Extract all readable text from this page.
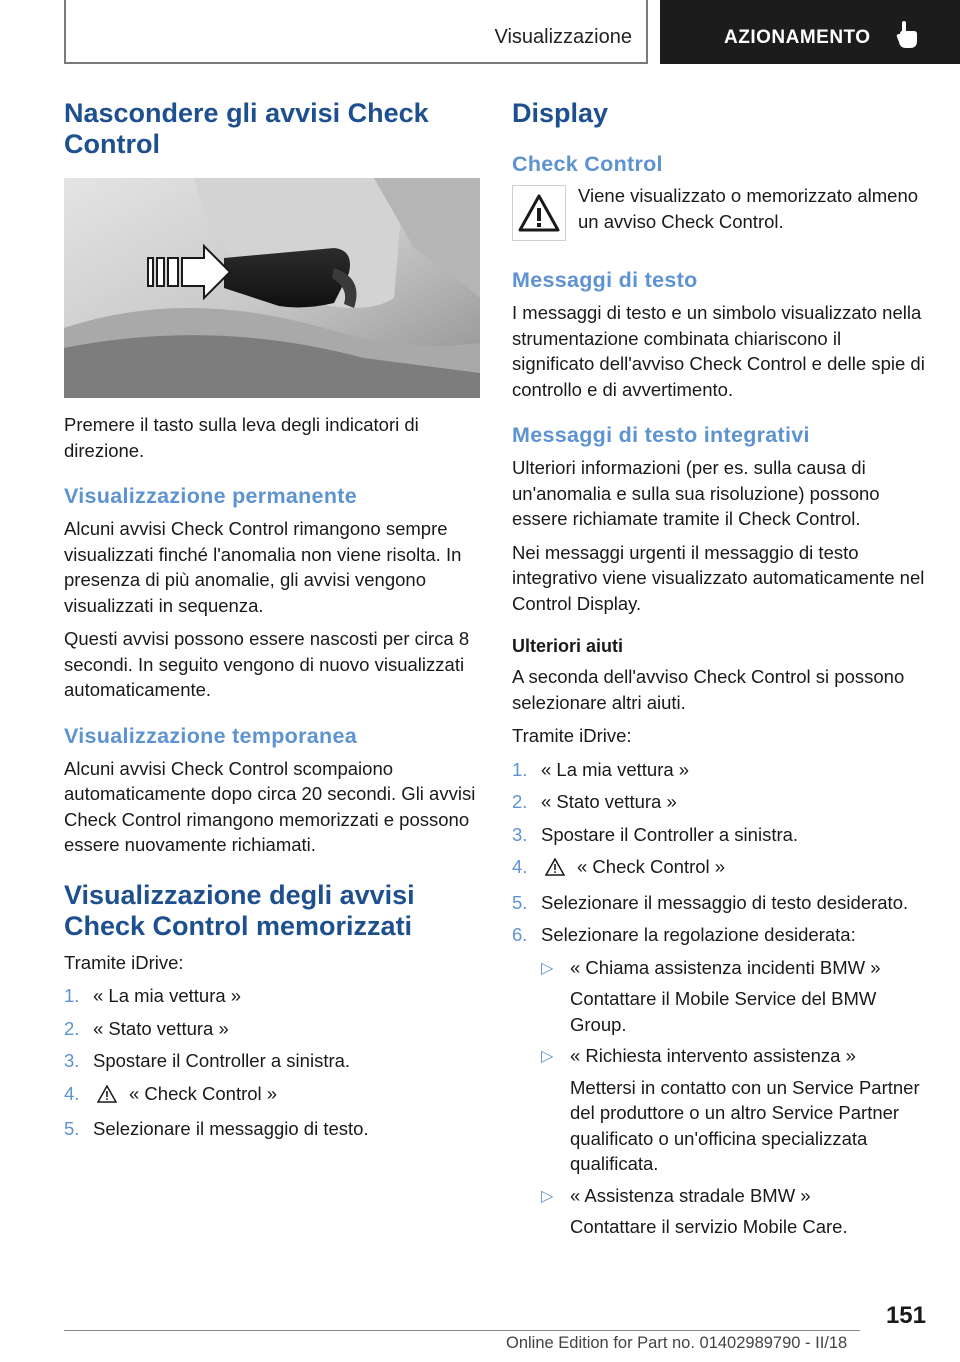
Visualizzazione	AZIONAMENTO
Nascondere gli avvisi Check Control

Premere il tasto sulla leva degli indicatori di direzione.

Visualizzazione permanente

Alcuni avvisi Check Control rimangono sempre visualizzati finché l'anomalia non viene risolta. In presenza di più anomalie, gli avvisi vengono visualizzati in sequenza.

Questi avvisi possono essere nascosti per circa 8 secondi. In seguito vengono di nuovo visualizzati automaticamente.

Visualizzazione temporanea

Alcuni avvisi Check Control scompaiono automaticamente dopo circa 20 secondi. Gli avvisi Check Control rimangono memorizzati e possono essere nuovamente richiamati.

Visualizzazione degli avvisi Check Control memorizzati

Tramite iDrive:

1. « La mia vettura »
2. « Stato vettura »
3. Spostare il Controller a sinistra.
4.	« Check Control »
5. Selezionare il messaggio di testo.
Display
Check Control
Viene visualizzato o memorizzato almeno un avviso Check Control.
Messaggi di testo

I messaggi di testo e un simbolo visualizzato nella strumentazione combinata chiariscono il significato dell'avviso Check Control e delle spie di controllo e di avvertimento.

Messaggi di testo integrativi

Ulteriori informazioni (per es. sulla causa di un'anomalia e sulla sua risoluzione) possono essere richiamate tramite il Check Control.

Nei messaggi urgenti il messaggio di testo integrativo viene visualizzato automaticamente nel Control Display.

Ulteriori aiuti

A seconda dell'avviso Check Control si possono selezionare altri aiuti.

Tramite iDrive:

1. « La mia vettura »
2. « Stato vettura »
3. Spostare il Controller a sinistra.
4.	« Check Control »
5. Selezionare il messaggio di testo desiderato.
6. Selezionare la regolazione desiderata:
▷ « Chiama assistenza incidenti BMW »
Contattare il Mobile Service del BMW Group.
▷ « Richiesta intervento assistenza »
Mettersi in contatto con un Service Partner del produttore o un altro Service Partner qualificato o un'officina specializzata qualificata.
▷ « Assistenza stradale BMW »
Contattare il servizio Mobile Care.
151
Online Edition for Part no. 01402989790 - II/18
